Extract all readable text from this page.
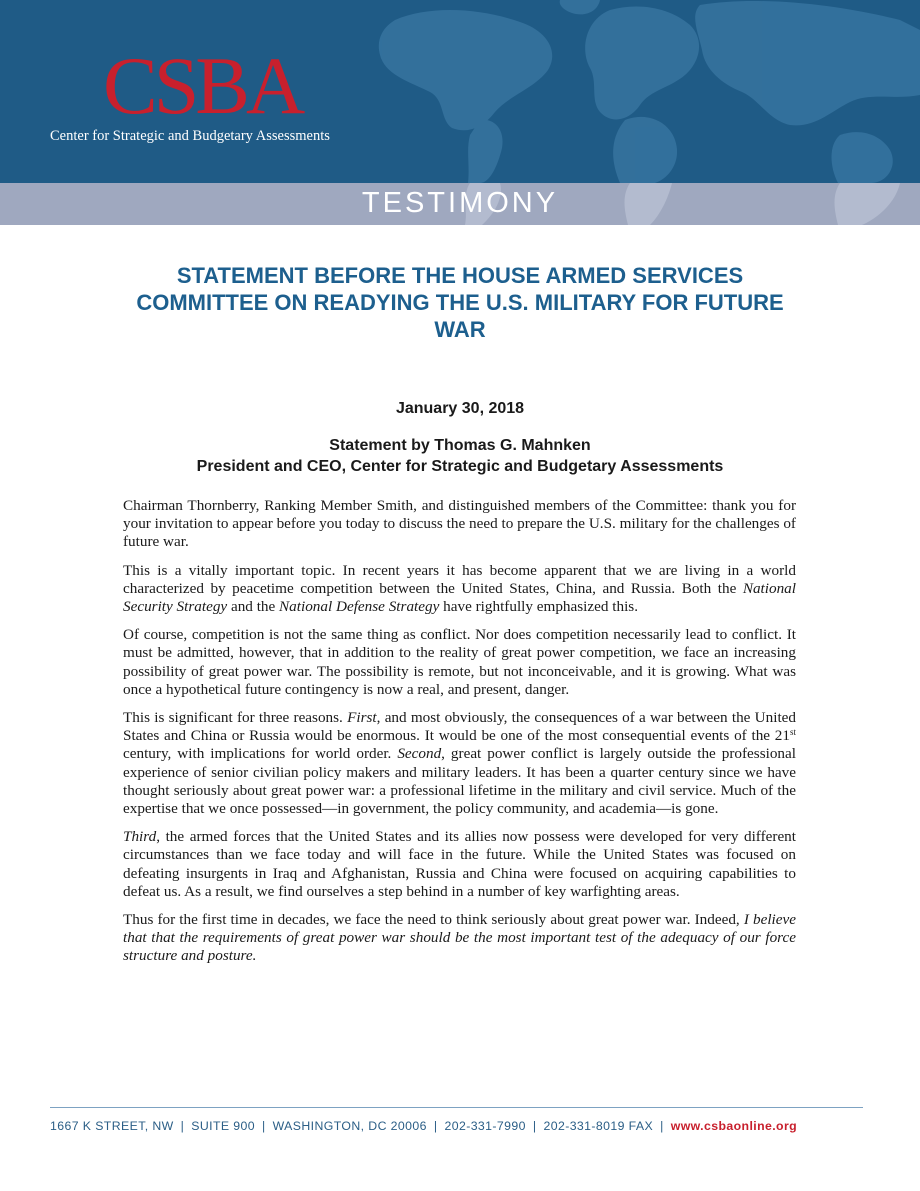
CSBA
Center for Strategic and Budgetary Assessments
TESTIMONY
STATEMENT BEFORE THE HOUSE ARMED SERVICES COMMITTEE ON READYING THE U.S. MILITARY FOR FUTURE WAR
January 30, 2018
Statement by Thomas G. Mahnken
President and CEO, Center for Strategic and Budgetary Assessments

Chairman Thornberry, Ranking Member Smith, and distinguished members of the Committee: thank you for your invitation to appear before you today to discuss the need to prepare the U.S. military for the challenges of future war.

This is a vitally important topic. In recent years it has become apparent that we are living in a world characterized by peacetime competition between the United States, China, and Russia. Both the National Security Strategy and the National Defense Strategy have rightfully emphasized this.

Of course, competition is not the same thing as conflict. Nor does competition necessarily lead to conflict. It must be admitted, however, that in addition to the reality of great power competition, we face an increasing possibility of great power war. The possibility is remote, but not inconceivable, and it is growing. What was once a hypothetical future contingency is now a real, and present, danger.

This is significant for three reasons. First, and most obviously, the consequences of a war between the United States and China or Russia would be enormous. It would be one of the most consequential events of the 21st century, with implications for world order. Second, great power conflict is largely outside the professional experience of senior civilian policy makers and military leaders. It has been a quarter century since we have thought seriously about great power war: a professional lifetime in the military and civil service. Much of the expertise that we once possessed—in government, the policy community, and academia—is gone.

Third, the armed forces that the United States and its allies now possess were developed for very different circumstances than we face today and will face in the future. While the United States was focused on defeating insurgents in Iraq and Afghanistan, Russia and China were focused on acquiring capabilities to defeat us. As a result, we find ourselves a step behind in a number of key warfighting areas.

Thus for the first time in decades, we face the need to think seriously about great power war. Indeed, I believe that that the requirements of great power war should be the most important test of the adequacy of our force structure and posture.

1667 K STREET, NW | SUITE 900 | WASHINGTON, DC 20006 | 202-331-7990 | 202-331-8019 FAX | www.csbaonline.org
